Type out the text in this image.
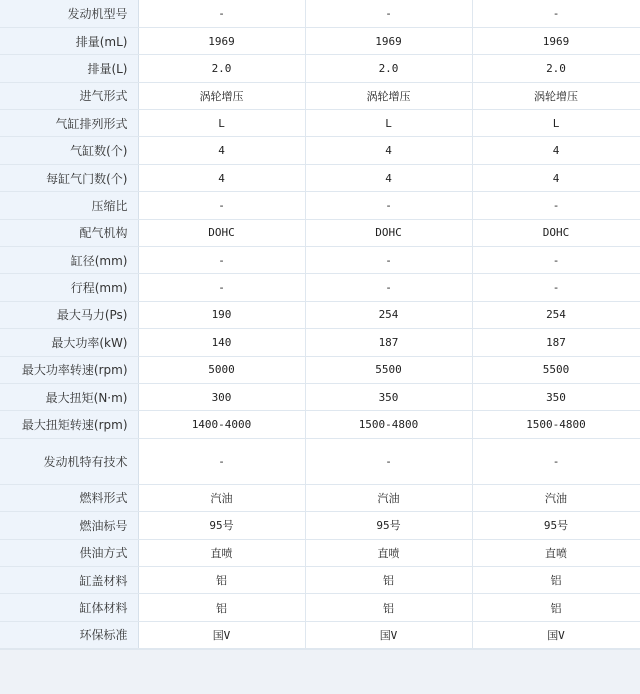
发动机型号	-	-	-
排量(mL)	1969	1969	1969
排量(L)	2.0	2.0	2.0
进气形式	涡轮增压	涡轮增压	涡轮增压
气缸排列形式	L	L	L
气缸数(个)	4	4	4
每缸气门数(个)	4	4	4
压缩比	-	-	-
配气机构	DOHC	DOHC	DOHC
缸径(mm)	-	-	-
行程(mm)	-	-	-
最大马力(Ps)	190	254	254
最大功率(kW)	140	187	187
最大功率转速(rpm)	5000	5500	5500
最大扭矩(N·m)	300	350	350
最大扭矩转速(rpm)	1400-4000	1500-4800	1500-4800
发动机特有技术	-	-	-
燃料形式	汽油	汽油	汽油
燃油标号	95号	95号	95号
供油方式	直喷	直喷	直喷
缸盖材料	铝	铝	铝
缸体材料	铝	铝	铝
环保标准	国V	国V	国V
